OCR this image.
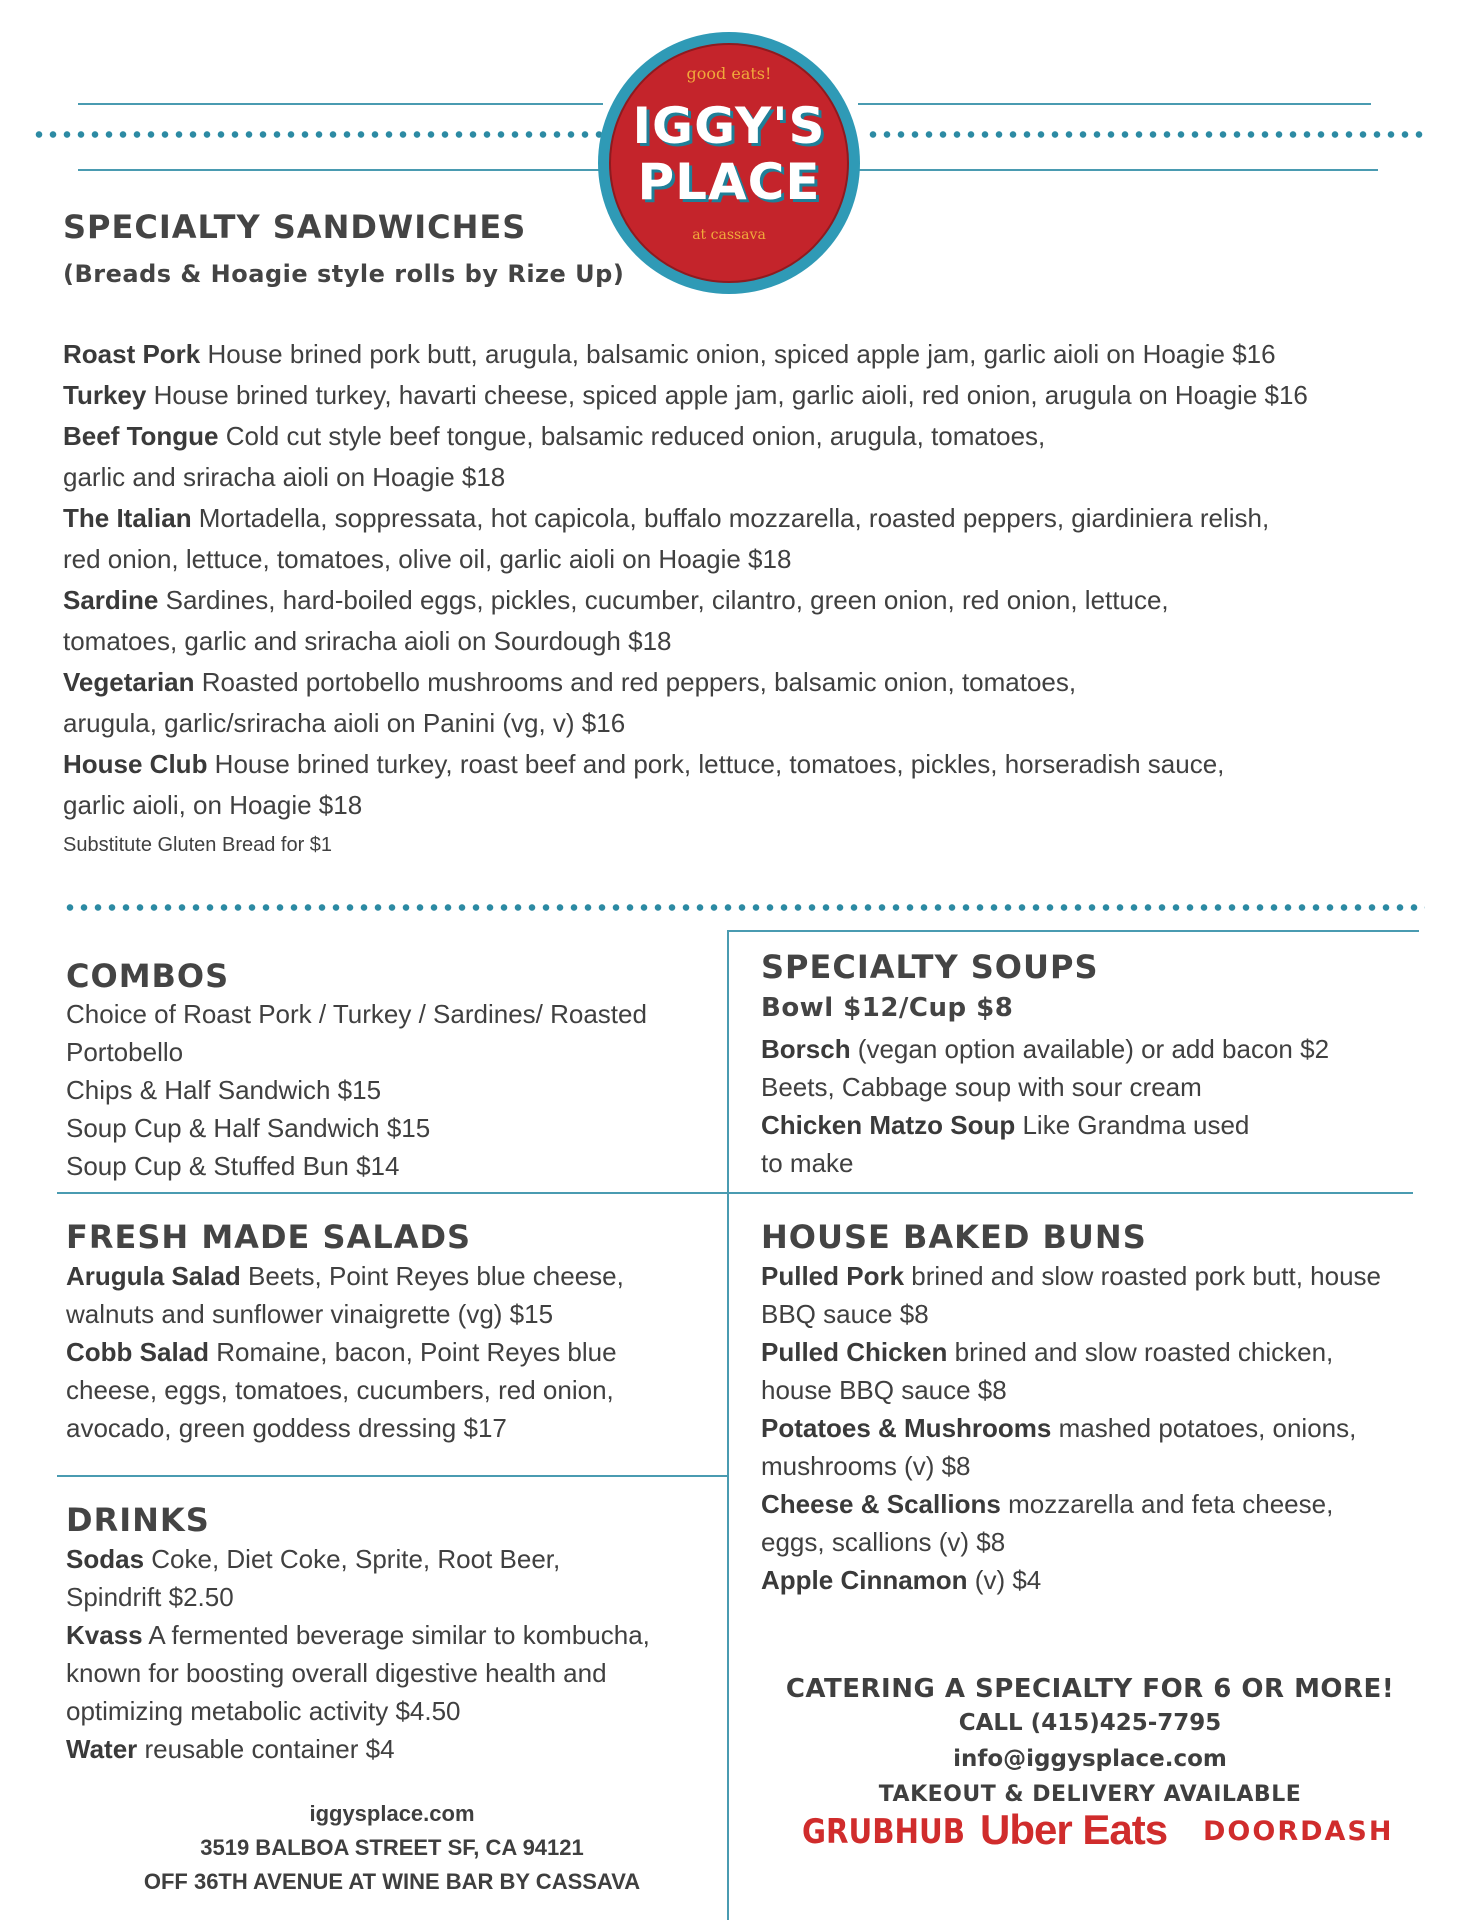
good eats!
IGGY'S
PLACE
at cassava
SPECIALTY SANDWICHES
(Breads & Hoagie style rolls by Rize Up)
Roast Pork House brined pork butt, arugula, balsamic onion, spiced apple jam, garlic aioli on Hoagie $16
Turkey House brined turkey, havarti cheese, spiced apple jam, garlic aioli, red onion, arugula on Hoagie $16
Beef Tongue Cold cut style beef tongue, balsamic reduced onion, arugula, tomatoes,
garlic and sriracha aioli on Hoagie $18
The Italian Mortadella, soppressata, hot capicola, buffalo mozzarella, roasted peppers, giardiniera relish,
red onion, lettuce, tomatoes, olive oil, garlic aioli on Hoagie $18
Sardine Sardines, hard-boiled eggs, pickles, cucumber, cilantro, green onion, red onion, lettuce,
tomatoes, garlic and sriracha aioli on Sourdough $18
Vegetarian Roasted portobello mushrooms and red peppers, balsamic onion, tomatoes,
arugula, garlic/sriracha aioli on Panini (vg, v) $16
House Club House brined turkey, roast beef and pork, lettuce, tomatoes, pickles, horseradish sauce,
garlic aioli, on Hoagie $18
Substitute Gluten Bread for $1
COMBOS
Choice of Roast Pork / Turkey / Sardines/ Roasted
Portobello
Chips & Half Sandwich $15
Soup Cup & Half Sandwich $15
Soup Cup & Stuffed Bun $14
SPECIALTY SOUPS
Bowl $12/Cup $8
Borsch (vegan option available) or add bacon $2
Beets, Cabbage soup with sour cream
Chicken Matzo Soup Like Grandma used
to make
FRESH MADE SALADS
Arugula Salad Beets, Point Reyes blue cheese,
walnuts and sunflower vinaigrette (vg) $15
Cobb Salad Romaine, bacon, Point Reyes blue
cheese, eggs, tomatoes, cucumbers, red onion,
avocado, green goddess dressing $17
HOUSE BAKED BUNS
Pulled Pork brined and slow roasted pork butt, house
BBQ sauce $8
Pulled Chicken brined and slow roasted chicken,
house BBQ sauce $8
Potatoes & Mushrooms mashed potatoes, onions,
mushrooms (v) $8
Cheese & Scallions mozzarella and feta cheese,
eggs, scallions (v) $8
Apple Cinnamon (v) $4
DRINKS
Sodas Coke, Diet Coke, Sprite, Root Beer,
Spindrift $2.50
Kvass A fermented beverage similar to kombucha,
known for boosting overall digestive health and
optimizing metabolic activity $4.50
Water reusable container $4
iggysplace.com
3519 BALBOA STREET SF, CA 94121
OFF 36TH AVENUE AT WINE BAR BY CASSAVA
CATERING A SPECIALTY FOR 6 OR MORE!
CALL (415)425-7795
info@iggysplace.com
TAKEOUT & DELIVERY AVAILABLE
GRUBHUB Uber Eats DOORDASH
